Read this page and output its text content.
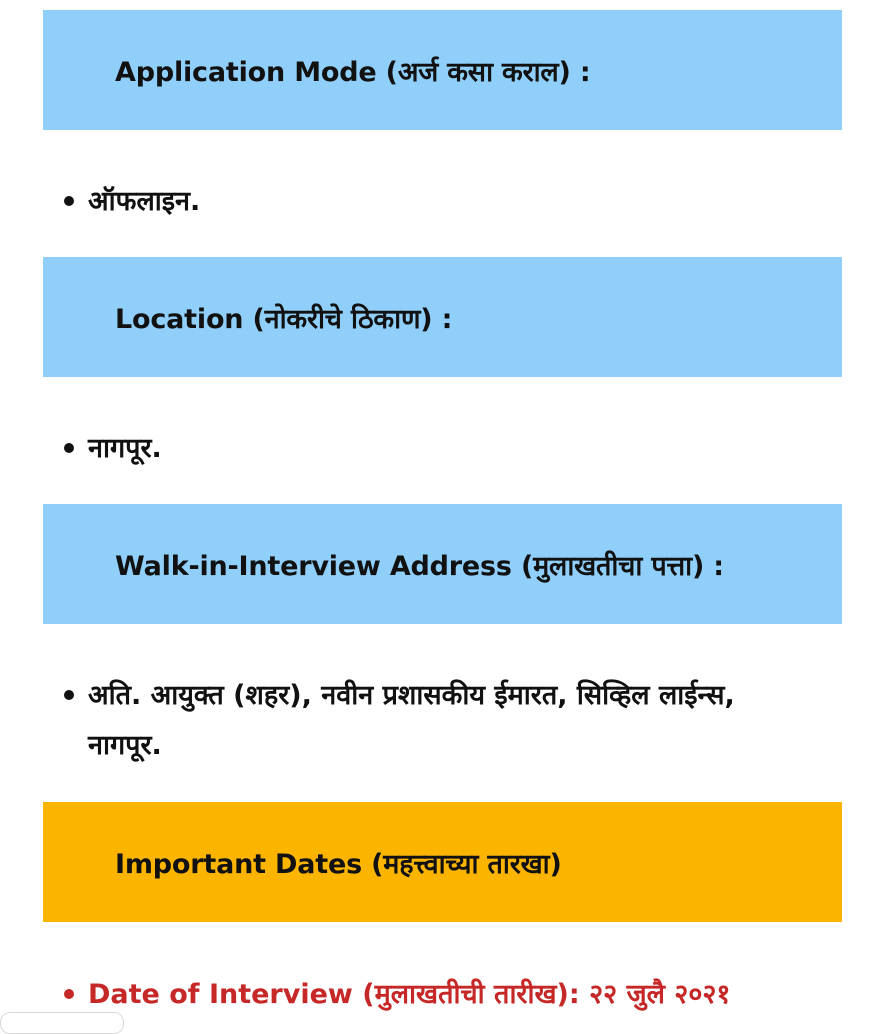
Application Mode (अर्ज कसा कराल) :
ऑफलाइन.
Location (नोकरीचे ठिकाण) :
नागपूर.
Walk-in-Interview Address (मुलाखतीचा पत्ता) :
अति. आयुक्त (शहर), नवीन प्रशासकीय ईमारत, सिव्हिल लाईन्स,
नागपूर.
Important Dates (महत्त्वाच्या तारखा)
Date of Interview (मुलाखतीची तारीख): २२ जुलै २०२१
